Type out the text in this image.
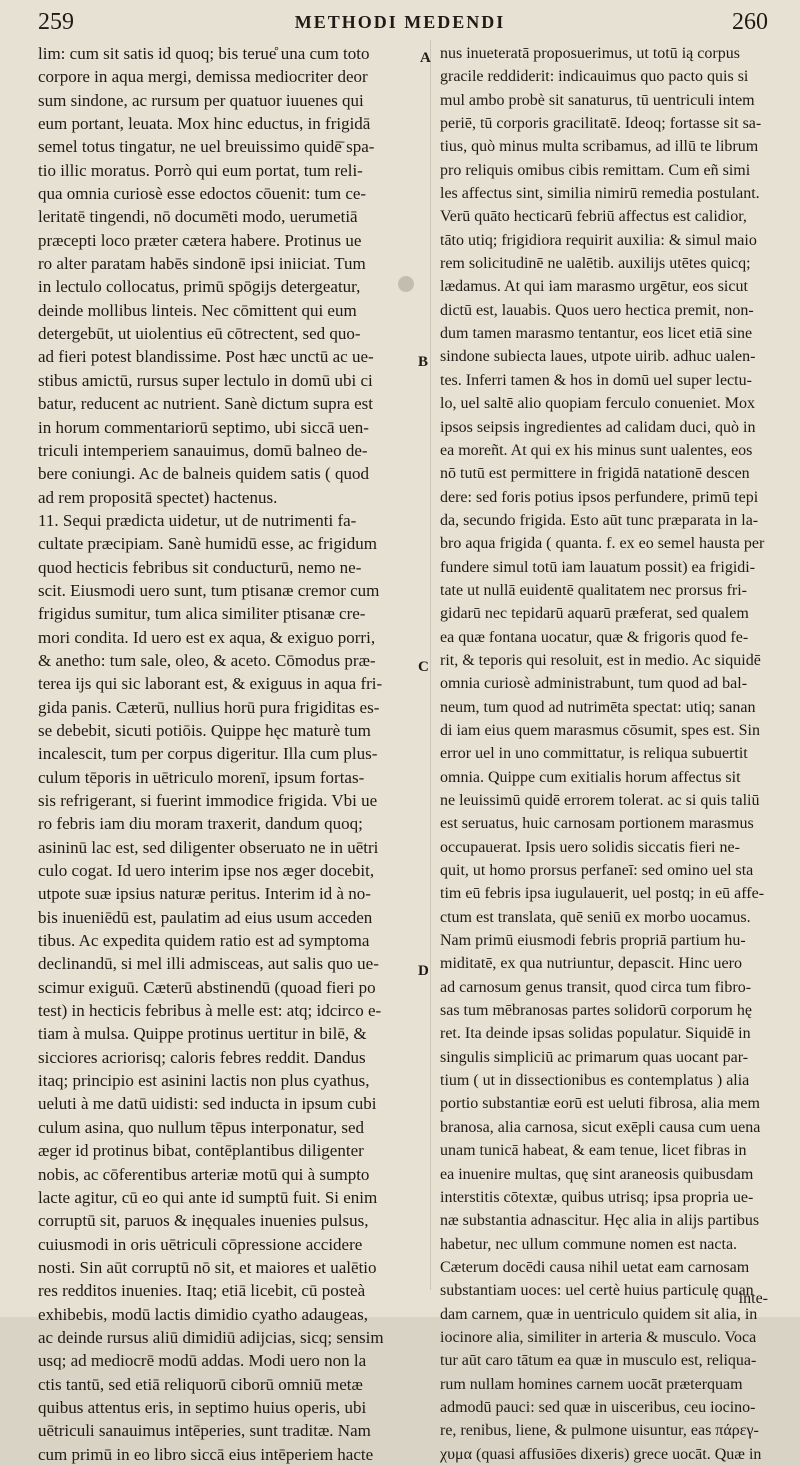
259	METHODI MEDENDI	260
lim: cum sit satis id quoq; bis terue̊ una cum toto
corpore in aqua mergi, demissa mediocriter deor
sum sindone, ac rursum per quatuor iuuenes qui
eum portant, leuata. Mox hinc eductus, in frigidā
semel totus tingatur, ne uel breuissimo quidē̄ spa-
tio illic moratus. Porrò qui eum portat, tum reli-
qua omnia curiosè esse edoctos cōuenit: tum ce-
leritatē tingendi, nō documēti modo, uerumetiā
præcepti loco præter cætera habere. Protinus ue
ro alter paratam habēs sindonē ipsi iniiciat. Tum
in lectulo collocatus, primū spōgijs detergeatur,
deinde mollibus linteis. Nec cōmittent qui eum
detergebūt, ut uiolentius eū cōtrectent, sed quo-
ad fieri potest blandissime. Post hæc unctū ac ue-
stibus amictū, rursus super lectulo in domū ubi ci
batur, reducent ac nutrient. Sanè dictum supra est
in horum commentariorū septimo, ubi siccā uen-
triculi intemperiem sanauimus, domū balneo de-
bere coniungi. Ac de balneis quidem satis ( quod
ad rem propositā spectet) hactenus.
11. Sequi prædicta uidetur, ut de nutrimenti fa-
cultate præcipiam. Sanè humidū esse, ac frigidum
quod hecticis febribus sit conducturū, nemo ne-
scit. Eiusmodi uero sunt, tum ptisanæ cremor cum
frigidus sumitur, tum alica similiter ptisanæ cre-
mori condita. Id uero est ex aqua, & exiguo porri,
& anetho: tum sale, oleo, & aceto. Cōmodus præ-
terea ijs qui sic laborant est, & exiguus in aqua fri-
gida panis. Cæterū, nullius horū pura frigiditas es-
se debebit, sicuti potiōis. Quippe hęc maturè tum
incalescit, tum per corpus digeritur. Illa cum plus-
culum tēporis in uētriculo morenī, ipsum fortas-
sis refrigerant, si fuerint immodice frigida. Vbi ue
ro febris iam diu moram traxerit, dandum quoq;
asininū lac est, sed diligenter obseruato ne in uētri
culo cogat. Id uero interim ipse nos æger docebit,
utpote suæ ipsius naturæ peritus. Interim id à no-
bis inueniēdū est, paulatim ad eius usum acceden
tibus. Ac expedita quidem ratio est ad symptoma
declinandū, si mel illi admisceas, aut salis quo ue-
scimur exiguū. Cæterū abstinendū (quoad fieri po
test) in hecticis febribus à melle est: atq; idcirco e-
tiam à mulsa. Quippe protinus uertitur in bilē, &
sicciores acriorisq; caloris febres reddit. Dandus
itaq; principio est asinini lactis non plus cyathus,
ueluti à me datū uidisti: sed inducta in ipsum cubi
culum asina, quo nullum tēpus interponatur, sed
æger id protinus bibat, contēplantibus diligenter
nobis, ac cōferentibus arteriæ motū qui à sumpto
lacte agitur, cū eo qui ante id sumptū fuit. Si enim
corruptū sit, paruos & inęquales inuenies pulsus,
cuiusmodi in oris uētriculi cōpressione accidere
nosti. Sin aūt corruptū nō sit, et maiores et ualētio
res redditos inuenies. Itaq; etiā licebit, cū posteà
exhibebis, modū lactis dimidio cyatho adaugeas,
ac deinde rursus aliū dimidiū adijcias, sicq; sensim
usq; ad mediocrē modū addas. Modi uero non la
ctis tantū, sed etiā reliquorū ciborū omniū metæ
quibus attentus eris, in septimo huius operis, ubi
uētriculi sanauimus intēperies, sunt traditæ. Nam
cum primū in eo libro siccā eius intēperiem hacte
nus inueteratā proposuerimus, ut totū ią corpus
gracile reddiderit: indicauimus quo pacto quis si
mul ambo probè sit sanaturus, tū uentriculi intem
periē, tū corporis gracilitatē. Ideoq; fortasse sit sa-
tius, quò minus multa scribamus, ad illū te librum
pro reliquis omibus cibis remittam. Cum eñ simi
les affectus sint, similia nimirū remedia postulant.
Verū quāto hecticarū febriū affectus est calidior,
tāto utiq; frigidiora requirit auxilia: & simul maio
rem solicitudinē ne ualētib. auxilijs utētes quicq;
lædamus. At qui iam marasmo urgētur, eos sicut
dictū est, lauabis. Quos uero hectica premit, non-
dum tamen marasmo tentantur, eos licet etiā sine
sindone subiecta laues, utpote uirib. adhuc ualen-
tes. Inferri tamen & hos in domū uel super lectu-
lo, uel saltē alio quopiam ferculo conueniet. Mox
ipsos seipsis ingredientes ad calidam duci, quò in
ea moreñt. At qui ex his minus sunt ualentes, eos
nō tutū est permittere in frigidā natationē descen
dere: sed foris potius ipsos perfundere, primū tepi
da, secundo frigida. Esto aūt tunc præparata in la-
bro aqua frigida ( quanta. f. ex eo semel hausta per
fundere simul totū iam lauatum possit) ea frigidi-
tate ut nullā euidentē qualitatem nec prorsus fri-
gidarū nec tepidarū aquarū præferat, sed qualem
ea quæ fontana uocatur, quæ & frigoris quod fe-
rit, & teporis qui resoluit, est in medio. Ac siquidē
omnia curiosè administrabunt, tum quod ad bal-
neum, tum quod ad nutrimēta spectat: utiq; sanan
di iam eius quem marasmus cōsumit, spes est. Sin
error uel in uno committatur, is reliqua subuertit
omnia. Quippe cum exitialis horum affectus sit
ne leuissimū quidē errorem tolerat. ac si quis taliū
est seruatus, huic carnosam portionem marasmus
occupauerat. Ipsis uero solidis siccatis fieri ne-
quit, ut homo prorsus perfaneī: sed omino uel sta
tim eū febris ipsa iugulauerit, uel postq; in eū affe-
ctum est translata, quē seniū ex morbo uocamus.
Nam primū eiusmodi febris propriā partium hu-
miditatē, ex qua nutriuntur, depascit. Hinc uero
ad carnosum genus transit, quod circa tum fibro-
sas tum mēbranosas partes solidorū corporum hę
ret. Ita deinde ipsas solidas populatur. Siquidē in
singulis simpliciū ac primarum quas uocant par-
tium ( ut in dissectionibus es contemplatus ) alia
portio substantiæ eorū est ueluti fibrosa, alia mem
branosa, alia carnosa, sicut exēpli causa cum uena
unam tunicā habeat, & eam tenue, licet fibras in
ea inuenire multas, quę sint araneosis quibusdam
interstitis cōtextæ, quibus utrisq; ipsa propria ue-
næ substantia adnascitur. Hęc alia in alijs partibus
habetur, nec ullum commune nomen est nacta.
Cæterum docēdi causa nihil uetat eam carnosam
substantiam uoces: uel certè huius particulę quan
dam carnem, quæ in uentriculo quidem sit alia, in
iocinore alia, similiter in arteria & musculo. Voca
tur aūt caro tātum ea quæ in musculo est, reliqua-
rum nullam homines carnem uocāt præterquam
admodū pauci: sed quæ in uisceribus, ceu iocino-
re, renibus, liene, & pulmone uisuntur, eas πάρεγ-
χυμα (quasi affusiōes dixeris) grece uocāt. Quæ in
A
B
C
D
inte-
